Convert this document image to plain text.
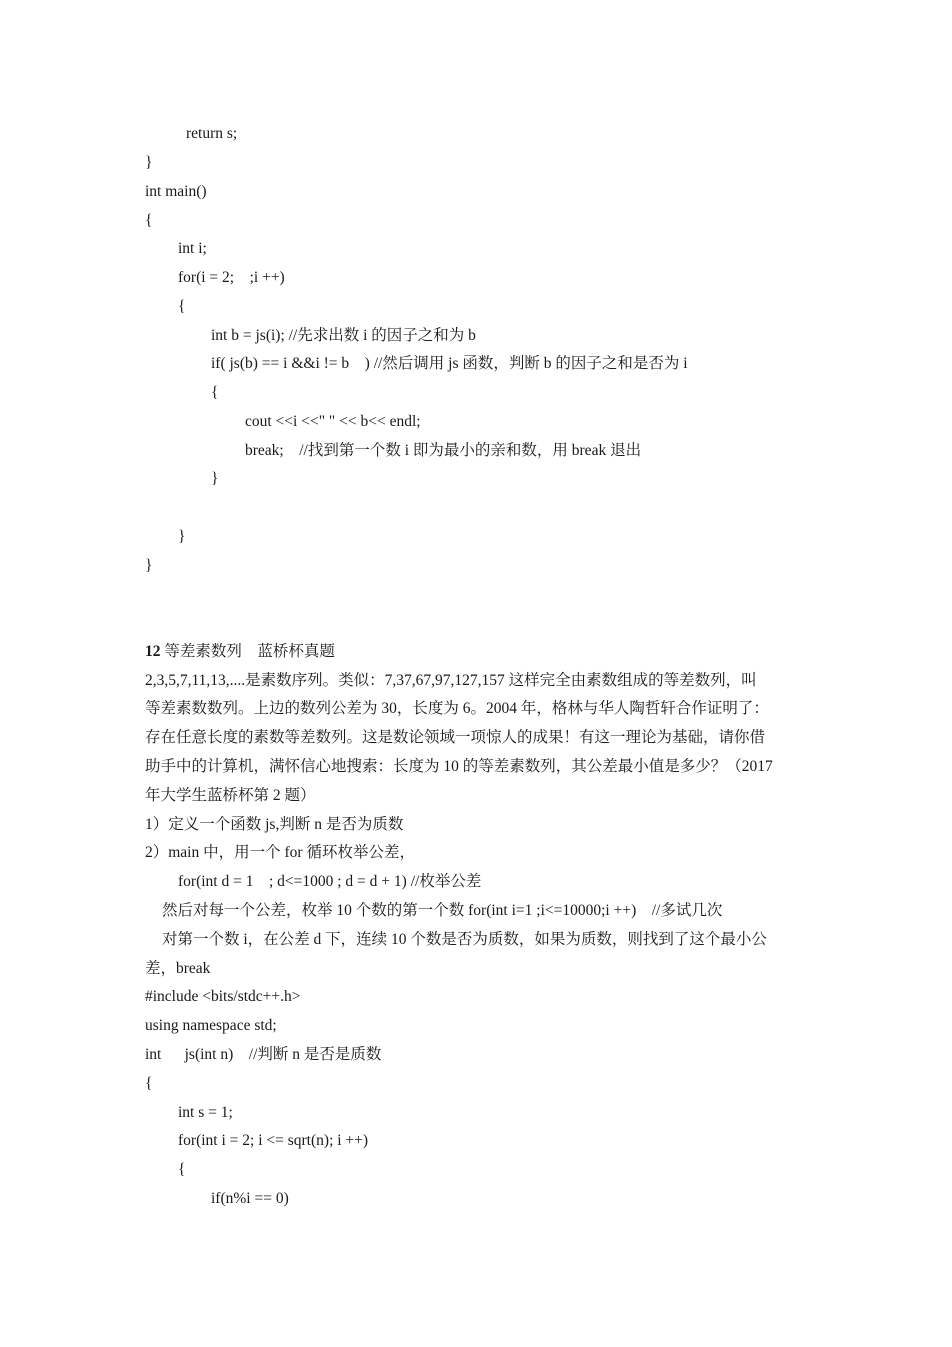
return s;
}
int main()
{
int i;
for(i = 2;    ;i ++)
{
int b = js(i); //先求出数 i 的因子之和为 b
if( js(b) == i &&i != b    ) //然后调用 js 函数，判断 b 的因子之和是否为 i
{
cout <<i <<" " << b<< endl;
break;    //找到第一个数 i 即为最小的亲和数，用 break 退出
}
}
}
12 等差素数列    蓝桥杯真题
2,3,5,7,11,13,....是素数序列。类似：7,37,67,97,127,157 这样完全由素数组成的等差数列，叫
等差素数数列。上边的数列公差为 30，长度为 6。2004 年，格林与华人陶哲轩合作证明了：
存在任意长度的素数等差数列。这是数论领域一项惊人的成果！有这一理论为基础，请你借
助手中的计算机，满怀信心地搜索：长度为 10 的等差素数列，其公差最小值是多少？（2017
年大学生蓝桥杯第 2 题）
1）定义一个函数 js,判断 n 是否为质数
2）main 中，用一个 for 循环枚举公差，
for(int d = 1    ; d<=1000 ; d = d + 1) //枚举公差
然后对每一个公差，枚举 10 个数的第一个数 for(int i=1 ;i<=10000;i ++)    //多试几次
对第一个数 i，在公差 d 下，连续 10 个数是否为质数，如果为质数，则找到了这个最小公
差，break
#include <bits/stdc++.h>
using namespace std;
int      js(int n)    //判断 n 是否是质数
{
int s = 1;
for(int i = 2; i <= sqrt(n); i ++)
{
if(n%i == 0)
